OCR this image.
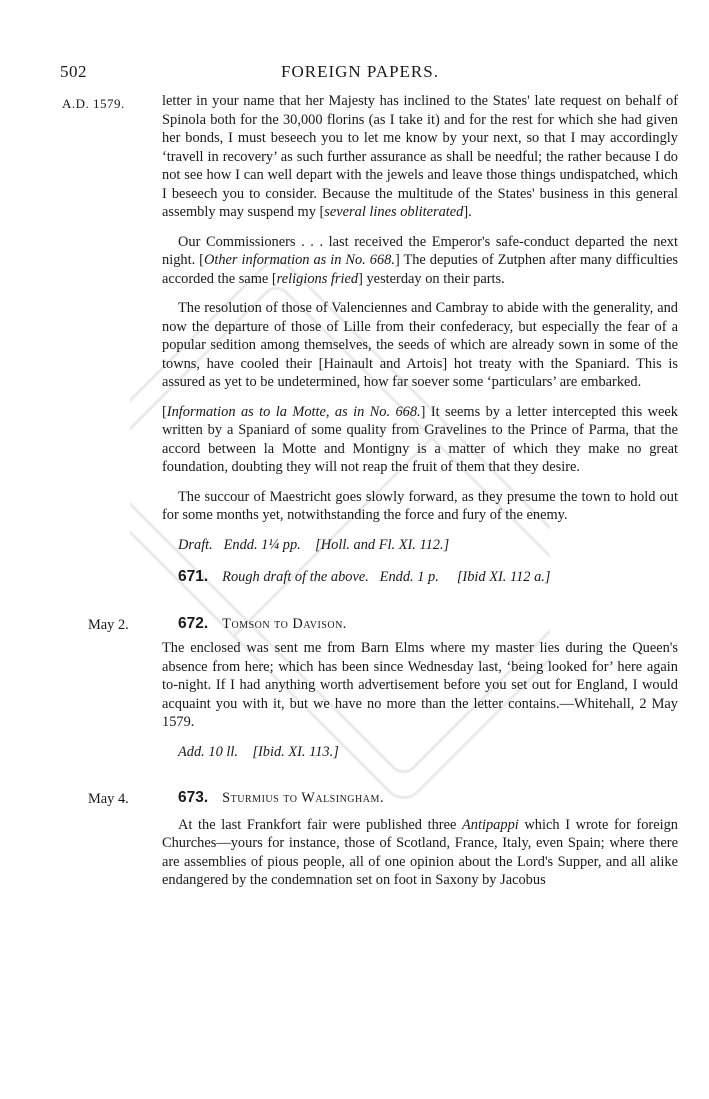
502	FOREIGN PAPERS.
A.D. 1579.	letter in your name that her Majesty has inclined to the States' late request on behalf of Spinola both for the 30,000 florins (as I take it) and for the rest for which she had given her bonds, I must beseech you to let me know by your next, so that I may accordingly ‘travell in recovery’ as such further assurance as shall be needful; the rather because I do not see how I can well depart with the jewels and leave those things undispatched, which I beseech you to consider. Because the multitude of the States' business in this general assembly may suspend my [several lines obliterated].

Our Commissioners . . . last received the Emperor's safe-conduct departed the next night. [Other information as in No. 668.] The deputies of Zutphen after many difficulties accorded the same [religions fried] yesterday on their parts.

The resolution of those of Valenciennes and Cambray to abide with the generality, and now the departure of those of Lille from their confederacy, but especially the fear of a popular sedition among themselves, the seeds of which are already sown in some of the towns, have cooled their [Hainault and Artois] hot treaty with the Spaniard. This is assured as yet to be undetermined, how far soever some ‘particulars’ are embarked.

[Information as to la Motte, as in No. 668.] It seems by a letter intercepted this week written by a Spaniard of some quality from Gravelines to the Prince of Parma, that the accord between la Motte and Montigny is a matter of which they make no great foundation, doubting they will not reap the fruit of them that they desire.

The succour of Maestricht goes slowly forward, as they presume the town to hold out for some months yet, notwithstanding the force and fury of the enemy.

Draft. Endd. 1¼ pp. [Holl. and Fl. XI. 112.]

671. Rough draft of the above. Endd. 1 p. [Ibid XI. 112 a.]

May 2.	672. Tomson to Davison.

The enclosed was sent me from Barn Elms where my master lies during the Queen's absence from here; which has been since Wednesday last, ‘being looked for’ here again to-night. If I had anything worth advertisement before you set out for England, I would acquaint you with it, but we have no more than the letter contains.—Whitehall, 2 May 1579.

Add. 10 ll. [Ibid. XI. 113.]

May 4.	673. Sturmius to Walsingham.

At the last Frankfort fair were published three Antipappi which I wrote for foreign Churches—yours for instance, those of Scotland, France, Italy, even Spain; where there are assemblies of pious people, all of one opinion about the Lord's Supper, and all alike endangered by the condemnation set on foot in Saxony by Jacobus
